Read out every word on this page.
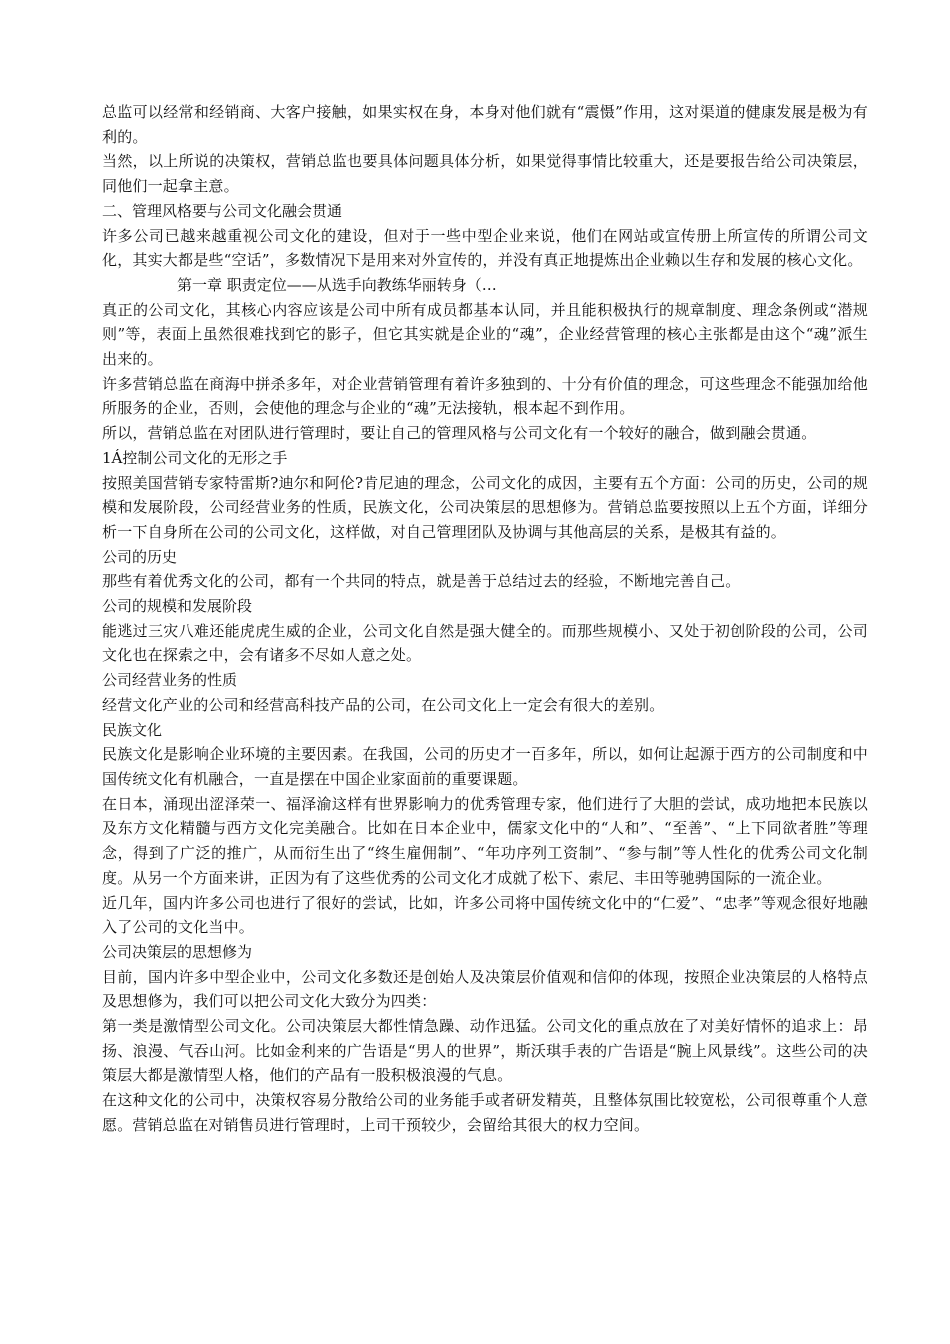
总监可以经常和经销商、大客户接触，如果实权在身，本身对他们就有“震慑”作用，这对渠道的健康发展是极为有利的。

当然，以上所说的决策权，营销总监也要具体问题具体分析，如果觉得事情比较重大，还是要报告给公司决策层，同他们一起拿主意。

二、管理风格要与公司文化融会贯通

许多公司已越来越重视公司文化的建设，但对于一些中型企业来说，他们在网站或宣传册上所宣传的所谓公司文化，其实大都是些“空话”，多数情况下是用来对外宣传的，并没有真正地提炼出企业赖以生存和发展的核心文化。

第一章 职责定位——从选手向教练华丽转身（…

真正的公司文化，其核心内容应该是公司中所有成员都基本认同，并且能积极执行的规章制度、理念条例或“潜规则”等，表面上虽然很难找到它的影子，但它其实就是企业的“魂”，企业经营管理的核心主张都是由这个“魂”派生出来的。

许多营销总监在商海中拼杀多年，对企业营销管理有着许多独到的、十分有价值的理念，可这些理念不能强加给他所服务的企业，否则，会使他的理念与企业的“魂”无法接轨，根本起不到作用。

所以，营销总监在对团队进行管理时，要让自己的管理风格与公司文化有一个较好的融合，做到融会贯通。

1Á控制公司文化的无形之手

按照美国营销专家特雷斯?迪尔和阿伦?肯尼迪的理念，公司文化的成因，主要有五个方面：公司的历史，公司的规模和发展阶段，公司经营业务的性质，民族文化，公司决策层的思想修为。营销总监要按照以上五个方面，详细分析一下自身所在公司的公司文化，这样做，对自己管理团队及协调与其他高层的关系，是极其有益的。

公司的历史

那些有着优秀文化的公司，都有一个共同的特点，就是善于总结过去的经验，不断地完善自己。

公司的规模和发展阶段

能逃过三灾八难还能虎虎生威的企业，公司文化自然是强大健全的。而那些规模小、又处于初创阶段的公司，公司文化也在探索之中，会有诸多不尽如人意之处。

公司经营业务的性质

经营文化产业的公司和经营高科技产品的公司，在公司文化上一定会有很大的差别。

民族文化

民族文化是影响企业环境的主要因素。在我国，公司的历史才一百多年，所以，如何让起源于西方的公司制度和中国传统文化有机融合，一直是摆在中国企业家面前的重要课题。

在日本，涌现出涩泽荣一、福泽渝这样有世界影响力的优秀管理专家，他们进行了大胆的尝试，成功地把本民族以及东方文化精髓与西方文化完美融合。比如在日本企业中，儒家文化中的“人和”、“至善”、“上下同欲者胜”等理念，得到了广泛的推广，从而衍生出了“终生雇佣制”、“年功序列工资制”、“参与制”等人性化的优秀公司文化制度。从另一个方面来讲，正因为有了这些优秀的公司文化才成就了松下、索尼、丰田等驰骋国际的一流企业。

近几年，国内许多公司也进行了很好的尝试，比如，许多公司将中国传统文化中的“仁爱”、“忠孝”等观念很好地融入了公司的文化当中。

公司决策层的思想修为

目前，国内许多中型企业中，公司文化多数还是创始人及决策层价值观和信仰的体现，按照企业决策层的人格特点及思想修为，我们可以把公司文化大致分为四类：

第一类是激情型公司文化。公司决策层大都性情急躁、动作迅猛。公司文化的重点放在了对美好情怀的追求上：昂扬、浪漫、气吞山河。比如金利来的广告语是“男人的世界”，斯沃琪手表的广告语是“腕上风景线”。这些公司的决策层大都是激情型人格，他们的产品有一股积极浪漫的气息。

在这种文化的公司中，决策权容易分散给公司的业务能手或者研发精英，且整体氛围比较宽松，公司很尊重个人意愿。营销总监在对销售员进行管理时，上司干预较少，会留给其很大的权力空间。
